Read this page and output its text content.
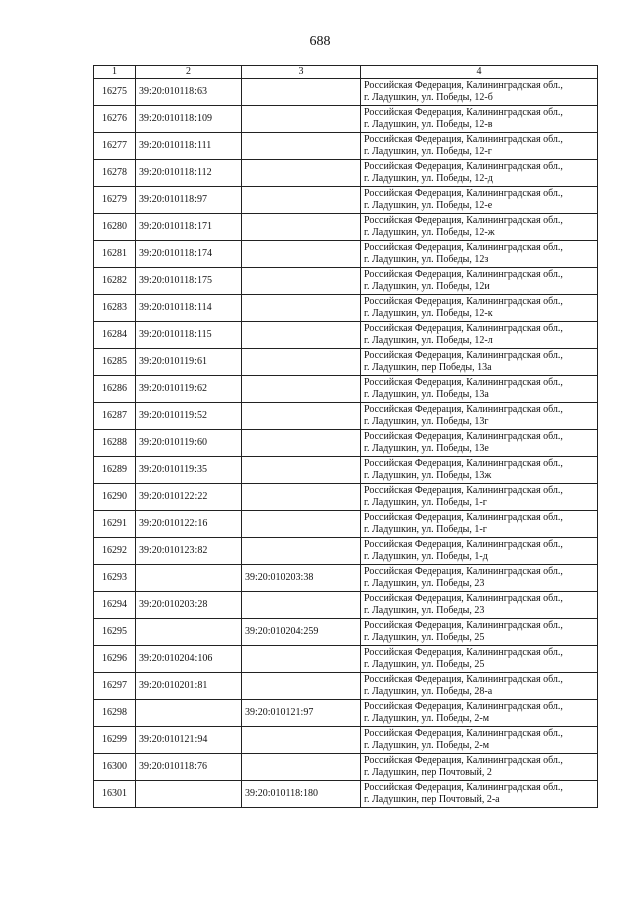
688
1	2	3	4
16275	39:20:010118:63		Российская Федерация, Калининградская обл.,
г. Ладушкин, ул. Победы, 12-б

16276	39:20:010118:109		Российская Федерация, Калининградская обл.,
г. Ладушкин, ул. Победы, 12-в

16277	39:20:010118:111		Российская Федерация, Калининградская обл.,
г. Ладушкин, ул. Победы, 12-г

16278	39:20:010118:112		Российская Федерация, Калининградская обл.,
г. Ладушкин, ул. Победы, 12-д

16279	39:20:010118:97		Российская Федерация, Калининградская обл.,
г. Ладушкин, ул. Победы, 12-е

16280	39:20:010118:171		Российская Федерация, Калининградская обл.,
г. Ладушкин, ул. Победы, 12-ж

16281	39:20:010118:174		Российская Федерация, Калининградская обл.,
г. Ладушкин, ул. Победы, 12з

16282	39:20:010118:175		Российская Федерация, Калининградская обл.,
г. Ладушкин, ул. Победы, 12и

16283	39:20:010118:114		Российская Федерация, Калининградская обл.,
г. Ладушкин, ул. Победы, 12-к

16284	39:20:010118:115		Российская Федерация, Калининградская обл.,
г. Ладушкин, ул. Победы, 12-л

16285	39:20:010119:61		Российская Федерация, Калининградская обл.,
г. Ладушкин, пер Победы, 13а

16286	39:20:010119:62		Российская Федерация, Калининградская обл.,
г. Ладушкин, ул. Победы, 13а

16287	39:20:010119:52		Российская Федерация, Калининградская обл.,
г. Ладушкин, ул. Победы, 13г

16288	39:20:010119:60		Российская Федерация, Калининградская обл.,
г. Ладушкин, ул. Победы, 13е

16289	39:20:010119:35		Российская Федерация, Калининградская обл.,
г. Ладушкин, ул. Победы, 13ж

16290	39:20:010122:22		Российская Федерация, Калининградская обл.,
г. Ладушкин, ул. Победы, 1-г

16291	39:20:010122:16		Российская Федерация, Калининградская обл.,
г. Ладушкин, ул. Победы, 1-г

16292	39:20:010123:82		Российская Федерация, Калининградская обл.,
г. Ладушкин, ул. Победы, 1-д

16293		39:20:010203:38	Российская Федерация, Калининградская обл.,
г. Ладушкин, ул. Победы, 23

16294	39:20:010203:28		Российская Федерация, Калининградская обл.,
г. Ладушкин, ул. Победы, 23

16295		39:20:010204:259	Российская Федерация, Калининградская обл.,
г. Ладушкин, ул. Победы, 25

16296	39:20:010204:106		Российская Федерация, Калининградская обл.,
г. Ладушкин, ул. Победы, 25

16297	39:20:010201:81		Российская Федерация, Калининградская обл.,
г. Ладушкин, ул. Победы, 28-а

16298		39:20:010121:97	Российская Федерация, Калининградская обл.,
г. Ладушкин, ул. Победы, 2-м

16299	39:20:010121:94		Российская Федерация, Калининградская обл.,
г. Ладушкин, ул. Победы, 2-м

16300	39:20:010118:76		Российская Федерация, Калининградская обл.,
г. Ладушкин, пер Почтовый, 2

16301		39:20:010118:180	Российская Федерация, Калининградская обл.,
г. Ладушкин, пер Почтовый, 2-а
